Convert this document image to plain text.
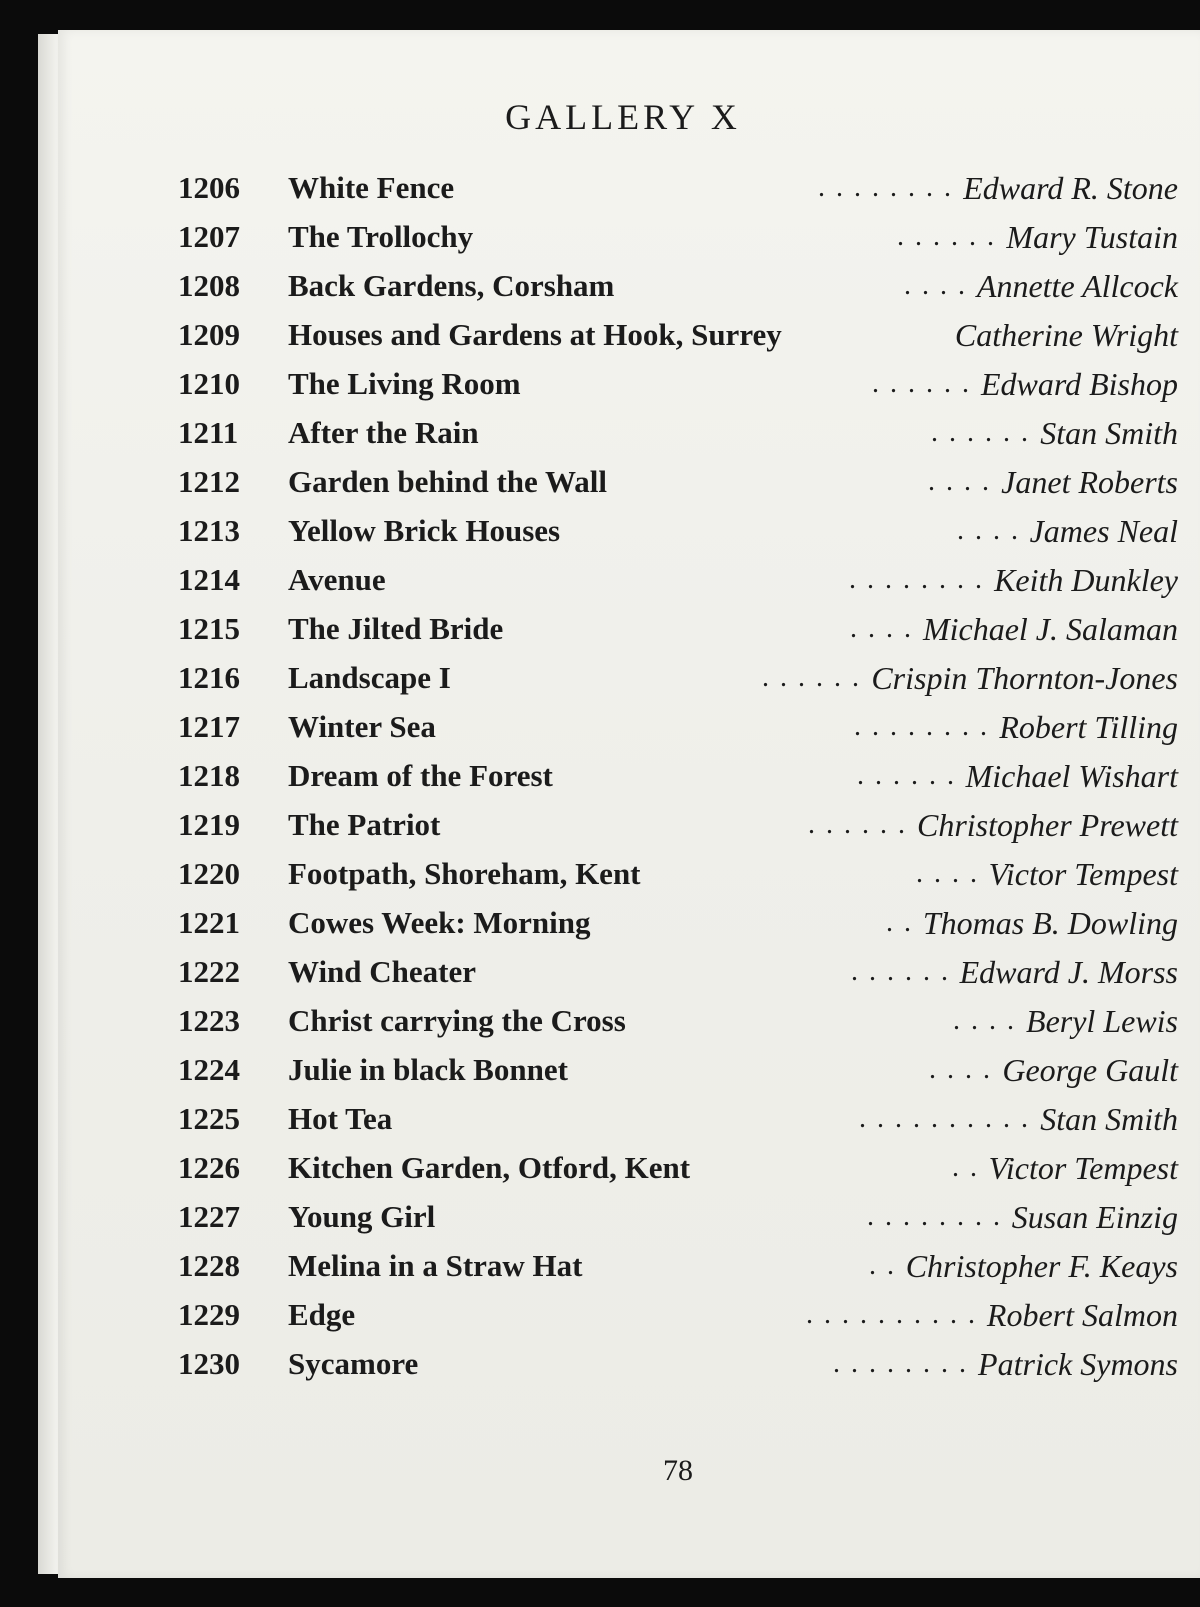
GALLERY X
1206 White Fence	. . . . . . . . Edward R. Stone
1207 The Trollochy	. . . . . . Mary Tustain
1208 Back Gardens, Corsham	. . . . Annette Allcock
1209 Houses and Gardens at Hook, Surrey	Catherine Wright
1210 The Living Room	. . . . . . Edward Bishop
1211 After the Rain	. . . . . . Stan Smith
1212 Garden behind the Wall	. . . . Janet Roberts
1213 Yellow Brick Houses	. . . . James Neal
1214 Avenue	. . . . . . . . Keith Dunkley
1215 The Jilted Bride	. . . . Michael J. Salaman
1216 Landscape I	. . . . . . Crispin Thornton-Jones
1217 Winter Sea	. . . . . . . . Robert Tilling
1218 Dream of the Forest	. . . . . . Michael Wishart
1219 The Patriot	. . . . . . Christopher Prewett
1220 Footpath, Shoreham, Kent	. . . . Victor Tempest
1221 Cowes Week: Morning	. . Thomas B. Dowling
1222 Wind Cheater	. . . . . . Edward J. Morss
1223 Christ carrying the Cross	. . . . Beryl Lewis
1224 Julie in black Bonnet	. . . . George Gault
1225 Hot Tea	. . . . . . . . . . Stan Smith
1226 Kitchen Garden, Otford, Kent	. . Victor Tempest
1227 Young Girl	. . . . . . . . Susan Einzig
1228 Melina in a Straw Hat	. . Christopher F. Keays
1229 Edge	. . . . . . . . . . Robert Salmon
1230 Sycamore	. . . . . . . . Patrick Symons
78
